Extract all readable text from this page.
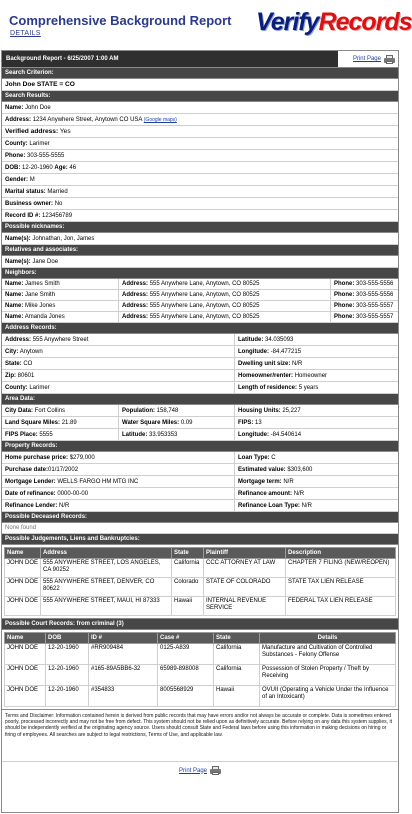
Comprehensive Background Report
DETAILS	VerifyRecords
Background Report - 6/25/2007 1:00 AM	Print Page
Search Criterion:
John Doe STATE = CO
Search Results:
Name: John Doe
Address: 1234 Anywhere Street, Anytown CO USA (Google maps)
Verified address: Yes
County: Larimer
Phone: 303-555-5555
DOB: 12-20-1960 Age: 46
Gender: M
Marital status: Married
Business owner: No
Record ID #: 123456789
Possible nicknames:
Name(s): Johnathan, Jon, James
Relatives and associates:
Name(s): Jane Doe
Neighbors:
Name: James Smith	Address: 555 Anywhere Lane, Anytown, CO 80525	Phone: 303-555-5556
Name: Jane Smith	Address: 555 Anywhere Lane, Anytown, CO 80525	Phone: 303-555-5556
Name: Mike Jones	Address: 555 Anywhere Lane, Anytown, CO 80525	Phone: 303-555-5557
Name: Amanda Jones	Address: 555 Anywhere Lane, Anytown, CO 80525	Phone: 303-555-5557
Address Records:
Address: 555 Anywhere Street	Latitude: 34.035093
City: Anytown	Longitude: -84.477215
State: CO	Dwelling unit size: N/R
Zip: 80601	Homeowner/renter: Homeowner
County: Larimer	Length of residence: 5 years
Area Data:
City Data: Fort Collins	Population: 158,748	Housing Units: 25,227
Land Square Miles: 21.89	Water Square Miles: 0.09	FIPS: 13
FIPS Place: 5555	Latitude: 33.953353	Longitude: -84.540614
Property Records:
Home purchase price: $279,000	Loan Type: C
Purchase date:01/17/2002	Estimated value: $303,600
Mortgage Lender: WELLS FARGO HM MTG INC	Mortgage term: N/R
Date of refinance: 0000-00-00	Refinance amount: N/R
Refinance Lender: N/R	Refinance Loan Type: N/R
Possible Deceased Records:
None found
Possible Judgements, Liens and Bankruptcies:
Name	Address	State	Plaintiff	Description
JOHN DOE	555 ANYWHERE STREET, LOS ANGELES, CA 90252	California	CCC ATTORNEY AT LAW	CHAPTER 7 FILING (NEW/REOPEN)
JOHN DOE	555 ANYWHERE STREET, DENVER, CO 80622	Colorado	STATE OF COLORADO	STATE TAX LIEN RELEASE
JOHN DOE	555 ANYWHERE STREET, MAUI, HI 87333	Hawaii	INTERNAL REVENUE SERVICE	FEDERAL TAX LIEN RELEASE
Possible Court Records: from criminal (3)
Name	DOB	ID #	Case #	State	Details
JOHN DOE	12-20-1960	#RR909484	0125-A839	California	Manufacture and Cultivation of Controlled Substances - Felony Offense
JOHN DOE	12-20-1960	#165-89A5BB6-32	65989-898008	California	Possession of Stolen Property / Theft by Receiving
JOHN DOE	12-20-1960	#354833	8005568929	Hawaii	OVUII (Operating a Vehicle Under the Influence of an Intoxicant)
Terms and Disclaimer: Information contained herein is derived from public records that may have errors and/or not always be accurate or complete. Data is sometimes entered poorly, processed incorrectly and may not be free from defect. This system should not be relied upon as definitively accurate. Before relying on any data this system supplies, it should be independently verified at the originating agency source. Users should consult State and Federal laws before using this information in making decisions on hiring or firing of employees. All searches are subject to legal restrictions, Terms of Use, and applicable law.
Print Page
